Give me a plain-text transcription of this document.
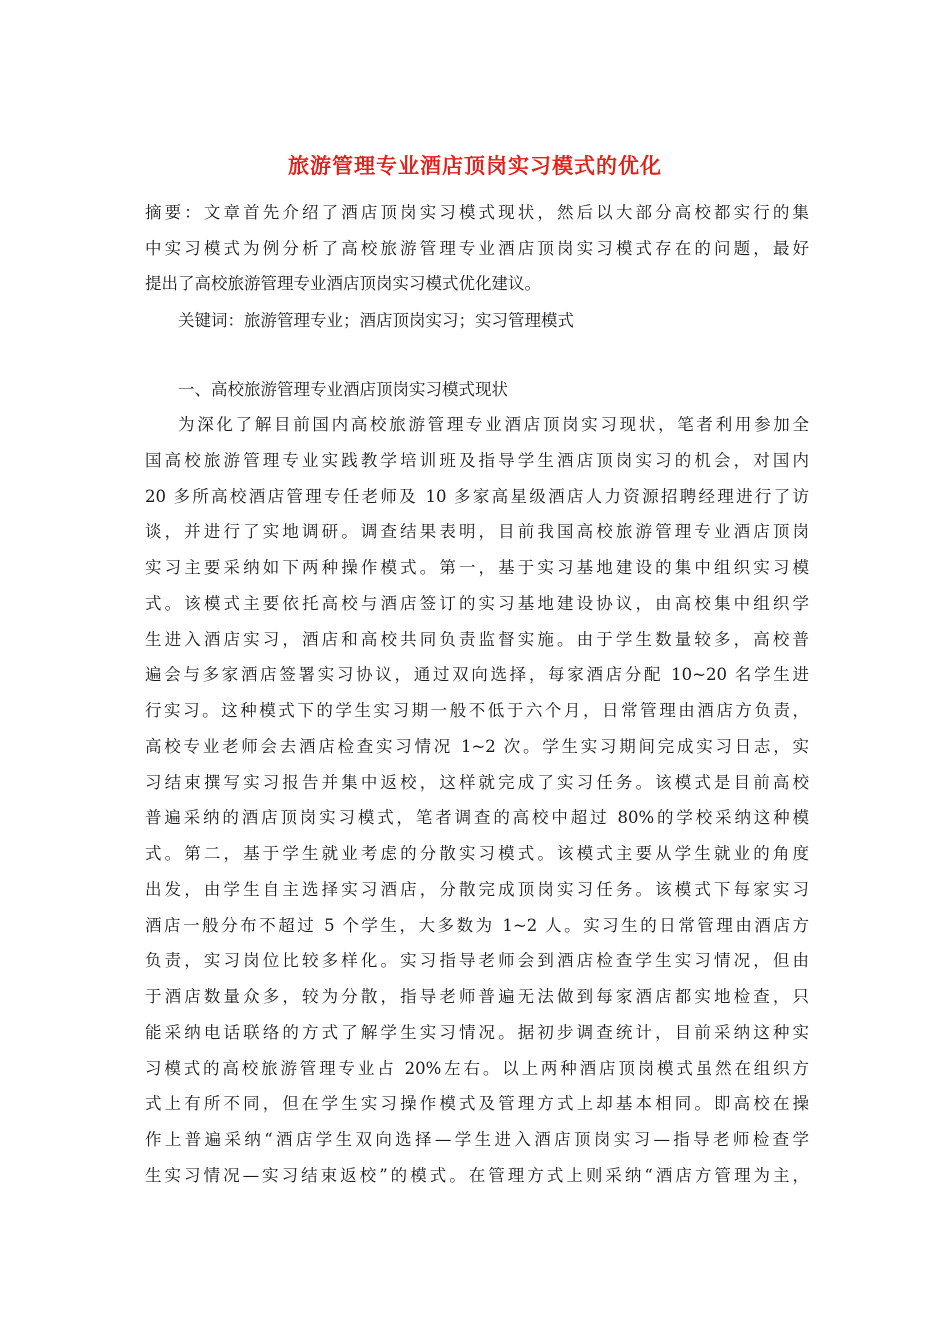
旅游管理专业酒店顶岗实习模式的优化
摘要：文章首先介绍了酒店顶岗实习模式现状，然后以大部分高校都实行的集
中实习模式为例分析了高校旅游管理专业酒店顶岗实习模式存在的问题，最好
提出了高校旅游管理专业酒店顶岗实习模式优化建议。
关键词：旅游管理专业；酒店顶岗实习；实习管理模式
一、高校旅游管理专业酒店顶岗实习模式现状
为深化了解目前国内高校旅游管理专业酒店顶岗实习现状，笔者利用参加全
国高校旅游管理专业实践教学培训班及指导学生酒店顶岗实习的机会，对国内
20 多所高校酒店管理专任老师及 10 多家高星级酒店人力资源招聘经理进行了访
谈，并进行了实地调研。调查结果表明，目前我国高校旅游管理专业酒店顶岗
实习主要采纳如下两种操作模式。第一，基于实习基地建设的集中组织实习模
式。该模式主要依托高校与酒店签订的实习基地建设协议，由高校集中组织学
生进入酒店实习，酒店和高校共同负责监督实施。由于学生数量较多，高校普
遍会与多家酒店签署实习协议，通过双向选择，每家酒店分配 10~20 名学生进
行实习。这种模式下的学生实习期一般不低于六个月，日常管理由酒店方负责，
高校专业老师会去酒店检查实习情况 1~2 次。学生实习期间完成实习日志，实
习结束撰写实习报告并集中返校，这样就完成了实习任务。该模式是目前高校
普遍采纳的酒店顶岗实习模式，笔者调查的高校中超过 80%的学校采纳这种模
式。第二，基于学生就业考虑的分散实习模式。该模式主要从学生就业的角度
出发，由学生自主选择实习酒店，分散完成顶岗实习任务。该模式下每家实习
酒店一般分布不超过 5 个学生，大多数为 1~2 人。实习生的日常管理由酒店方
负责，实习岗位比较多样化。实习指导老师会到酒店检查学生实习情况，但由
于酒店数量众多，较为分散，指导老师普遍无法做到每家酒店都实地检查，只
能采纳电话联络的方式了解学生实习情况。据初步调查统计，目前采纳这种实
习模式的高校旅游管理专业占 20%左右。以上两种酒店顶岗模式虽然在组织方
式上有所不同，但在学生实习操作模式及管理方式上却基本相同。即高校在操
作上普遍采纳“酒店学生双向选择—学生进入酒店顶岗实习—指导老师检查学
生实习情况—实习结束返校”的模式。在管理方式上则采纳“酒店方管理为主，
